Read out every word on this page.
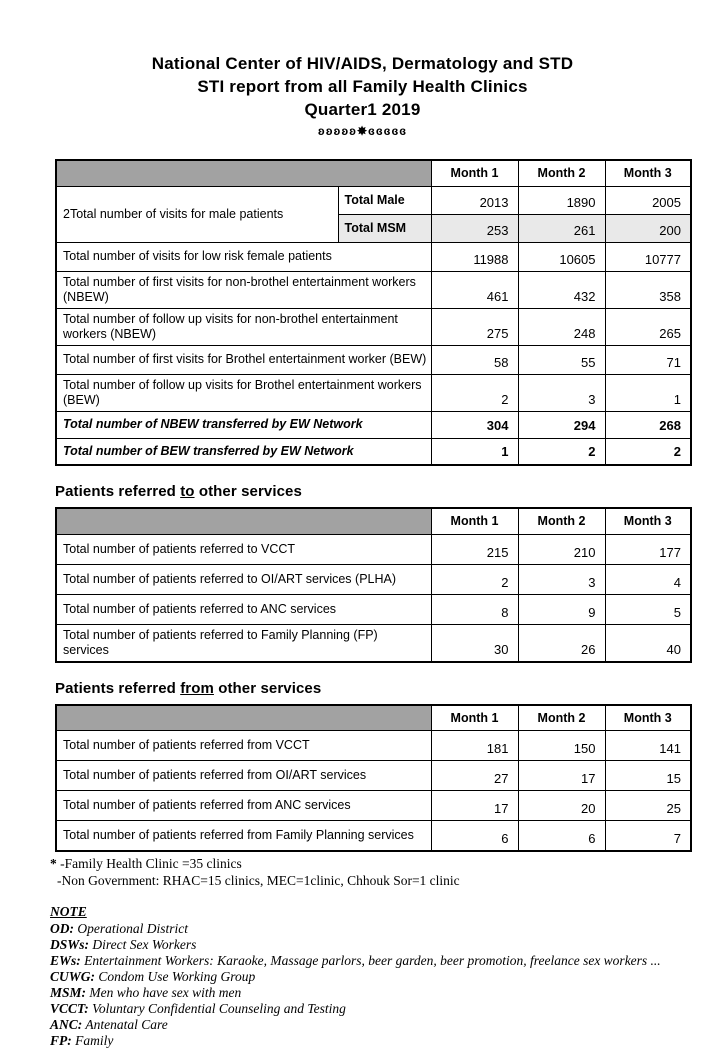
National Center of HIV/AIDS, Dermatology and STD
STI report from all Family Health Clinics
Quarter1 2019
ʚʚʚʚʚ✸ɞɞɞɞɞ
		Month 1	Month 2	Month 3
2Total number of visits for male patients	Total Male	2013	1890	2005
	Total MSM	253	261	200
Total number of visits for low risk female patients		11988	10605	10777
Total number of first visits for non-brothel entertainment workers (NBEW)		461	432	358
Total number of follow up visits for non-brothel entertainment workers (NBEW)		275	248	265
Total number of first visits for Brothel entertainment worker (BEW)		58	55	71
Total number of follow up visits for Brothel entertainment workers (BEW)		2	3	1
Total number of NBEW transferred by EW Network		304	294	268
Total number of BEW transferred by EW Network		1	2	2
Patients referred to other services
	Month 1	Month 2	Month 3
Total number of patients referred to VCCT	215	210	177
Total number of patients referred to OI/ART services (PLHA)	2	3	4
Total number of patients referred to ANC services	8	9	5
Total number of patients referred to Family Planning (FP) services	30	26	40
Patients referred from other services
	Month 1	Month 2	Month 3
Total number of patients referred from VCCT	181	150	141
Total number of patients referred from OI/ART services	27	17	15
Total number of patients referred from ANC services	17	20	25
Total number of patients referred from Family Planning services	6	6	7
* -Family Health Clinic =35 clinics
-Non Government: RHAC=15 clinics, MEC=1clinic, Chhouk Sor=1 clinic
NOTE
OD: Operational District
DSWs: Direct Sex Workers
EWs: Entertainment Workers: Karaoke, Massage parlors, beer garden, beer promotion, freelance sex workers ...
CUWG: Condom Use Working Group
MSM: Men who have sex with men
VCCT: Voluntary Confidential Counseling and Testing
ANC: Antenatal Care
FP: Family
